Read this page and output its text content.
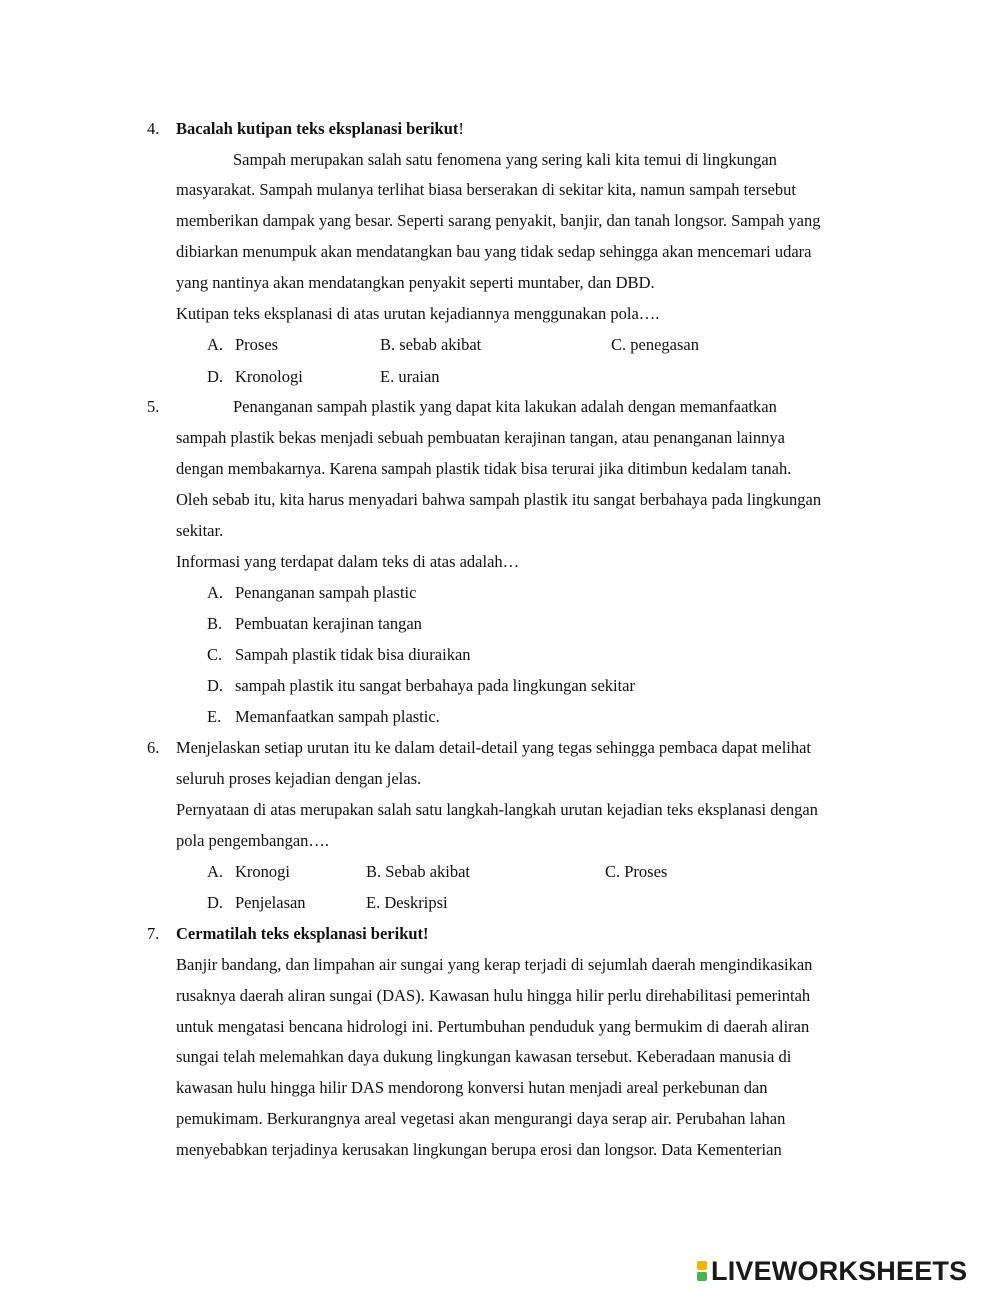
4. Bacalah kutipan teks eksplanasi berikut!
Sampah merupakan salah satu fenomena yang sering kali kita temui di lingkungan
masyarakat. Sampah mulanya terlihat biasa berserakan di sekitar kita, namun sampah tersebut
memberikan dampak yang besar. Seperti sarang penyakit, banjir, dan tanah longsor. Sampah yang
dibiarkan menumpuk akan mendatangkan bau yang tidak sedap sehingga akan mencemari udara
yang nantinya akan mendatangkan penyakit seperti muntaber, dan DBD.
Kutipan teks eksplanasi di atas urutan kejadiannya menggunakan pola….
A. Proses	B. sebab akibat	C. penegasan
D. Kronologi	E. uraian
5.	Penanganan sampah plastik yang dapat kita lakukan adalah dengan memanfaatkan
sampah plastik bekas menjadi sebuah pembuatan kerajinan tangan, atau penanganan lainnya
dengan membakarnya. Karena sampah plastik tidak bisa terurai jika ditimbun kedalam tanah.
Oleh sebab itu, kita harus menyadari bahwa sampah plastik itu sangat berbahaya pada lingkungan
sekitar.
Informasi yang terdapat dalam teks di atas adalah…
A. Penanganan sampah plastic
B. Pembuatan kerajinan tangan
C. Sampah plastik tidak bisa diuraikan
D. sampah plastik itu sangat berbahaya pada lingkungan sekitar
E. Memanfaatkan sampah plastic.
6. Menjelaskan setiap urutan itu ke dalam detail-detail yang tegas sehingga pembaca dapat melihat
seluruh proses kejadian dengan jelas.
Pernyataan di atas merupakan salah satu langkah-langkah urutan kejadian teks eksplanasi dengan
pola pengembangan….
A. Kronogi	B. Sebab akibat	C. Proses
D. Penjelasan	E. Deskripsi
7. Cermatilah teks eksplanasi berikut!
Banjir bandang, dan limpahan air sungai yang kerap terjadi di sejumlah daerah mengindikasikan
rusaknya daerah aliran sungai (DAS). Kawasan hulu hingga hilir perlu direhabilitasi pemerintah
untuk mengatasi bencana hidrologi ini. Pertumbuhan penduduk yang bermukim di daerah aliran
sungai telah melemahkan daya dukung lingkungan kawasan tersebut. Keberadaan manusia di
kawasan hulu hingga hilir DAS mendorong konversi hutan menjadi areal perkebunan dan
pemukimam. Berkurangnya areal vegetasi akan mengurangi daya serap air. Perubahan lahan
menyebabkan terjadinya kerusakan lingkungan berupa erosi dan longsor. Data Kementerian
LIVEWORKSHEETS
